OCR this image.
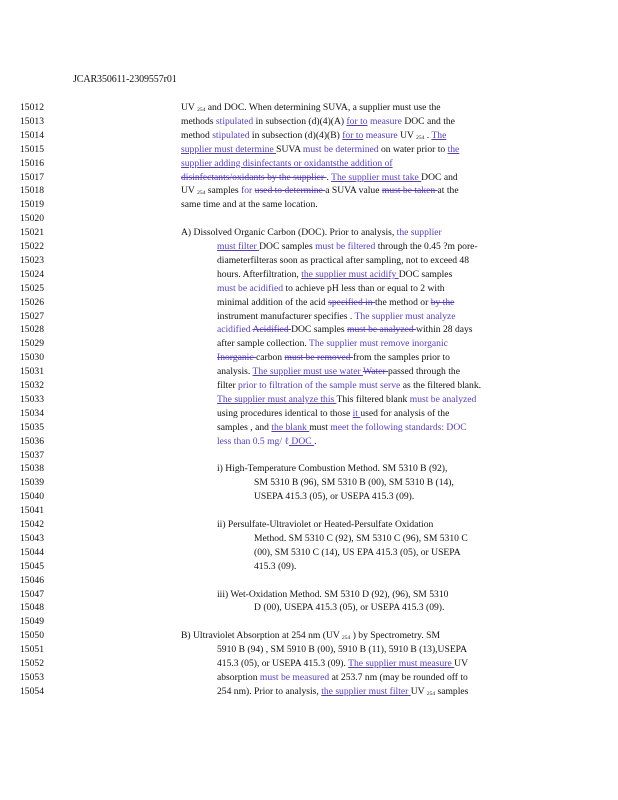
JCAR350611-2309557r01
15012	UV 254 and DOC. When determining SUVA, a supplier must use the
15013	methods stipulated in subsection (d)(4)(A) for to measure DOC and the
15014	method stipulated in subsection (d)(4)(B) for to measure UV 254 . The
15015	supplier must determine SUVA must be determined on water prior to the
15016	supplier adding disinfectants or oxidantsthe addition of
15017	disinfectants/oxidants by the supplier . The supplier must take DOC and
15018	UV 254 samples for used to determine a SUVA value must be taken at the
15019	same time and at the same location.
15020
15021	A) Dissolved Organic Carbon (DOC). Prior to analysis, the supplier
15022	must filter DOC samples must be filtered through the 0.45 ?m pore-
15023	diameterfilteras soon as practical after sampling, not to exceed 48
15024	hours. Afterfiltration, the supplier must acidify DOC samples
15025	must be acidified to achieve pH less than or equal to 2 with
15026	minimal addition of the acid specified in the method or by the
15027	instrument manufacturer specifies . The supplier must analyze
15028	acidified Acidified DOC samples must be analyzed within 28 days
15029	after sample collection. The supplier must remove inorganic
15030	Inorganic carbon must be removed from the samples prior to
15031	analysis. The supplier must use water Water passed through the
15032	filter prior to filtration of the sample must serve as the filtered blank.
15033	The supplier must analyze this This filtered blank must be analyzed
15034	using procedures identical to those it used for analysis of the
15035	samples , and the blank must meet the following standards: DOC
15036	less than 0.5 mg/ ℓ DOC .
15037
15038	i) High-Temperature Combustion Method. SM 5310 B (92),
15039	SM 5310 B (96), SM 5310 B (00), SM 5310 B (14),
15040	USEPA 415.3 (05), or USEPA 415.3 (09).
15041
15042	ii) Persulfate-Ultraviolet or Heated-Persulfate Oxidation
15043	Method. SM 5310 C (92), SM 5310 C (96), SM 5310 C
15044	(00), SM 5310 C (14), US EPA 415.3 (05), or USEPA
15045	415.3 (09).
15046
15047	iii) Wet-Oxidation Method. SM 5310 D (92), (96), SM 5310
15048	D (00), USEPA 415.3 (05), or USEPA 415.3 (09).
15049
15050	B) Ultraviolet Absorption at 254 nm (UV 254 ) by Spectrometry. SM
15051	5910 B (94) , SM 5910 B (00), 5910 B (11), 5910 B (13),USEPA
15052	415.3 (05), or USEPA 415.3 (09). The supplier must measure UV
15053	absorption must be measured at 253.7 nm (may be rounded off to
15054	254 nm). Prior to analysis, the supplier must filter UV 254 samples
